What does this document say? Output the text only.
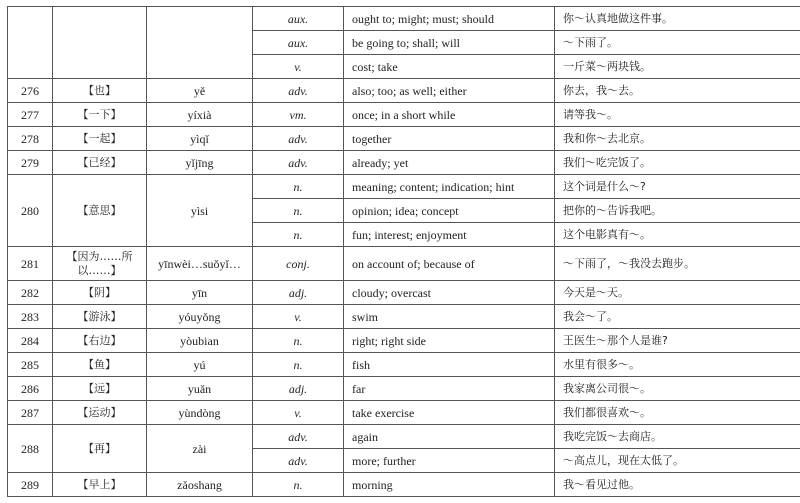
			aux.	ought to; might; must; should	你～认真地做这件事。
			aux.	be going to; shall; will	～下雨了。
			v.	cost; take	一斤菜～两块钱。
276	【也】	yě	adv.	also; too; as well; either	你去，我～去。
277	【一下】	yíxià	vm.	once; in a short while	请等我～。
278	【一起】	yìqǐ	adv.	together	我和你～去北京。
279	【已经】	yǐjīng	adv.	already; yet	我们～吃完饭了。
280	【意思】	yìsi	n.	meaning; content; indication; hint	这个词是什么～?
			n.	opinion; idea; concept	把你的～告诉我吧。
			n.	fun; interest; enjoyment	这个电影真有～。
281	【因为……所以……】	yīnwèi…suǒyǐ…	conj.	on account of; because of	～下雨了，～我没去跑步。
282	【阴】	yīn	adj.	cloudy; overcast	今天是～天。
283	【游泳】	yóuyǒng	v.	swim	我会～了。
284	【右边】	yòubian	n.	right; right side	王医生～那个人是谁?
285	【鱼】	yú	n.	fish	水里有很多～。
286	【远】	yuǎn	adj.	far	我家离公司很～。
287	【运动】	yùndòng	v.	take exercise	我们都很喜欢～。
288	【再】	zài	adv.	again	我吃完饭～去商店。
			adv.	more; further	～高点儿，现在太低了。
289	【早上】	zǎoshang	n.	morning	我～看见过他。
